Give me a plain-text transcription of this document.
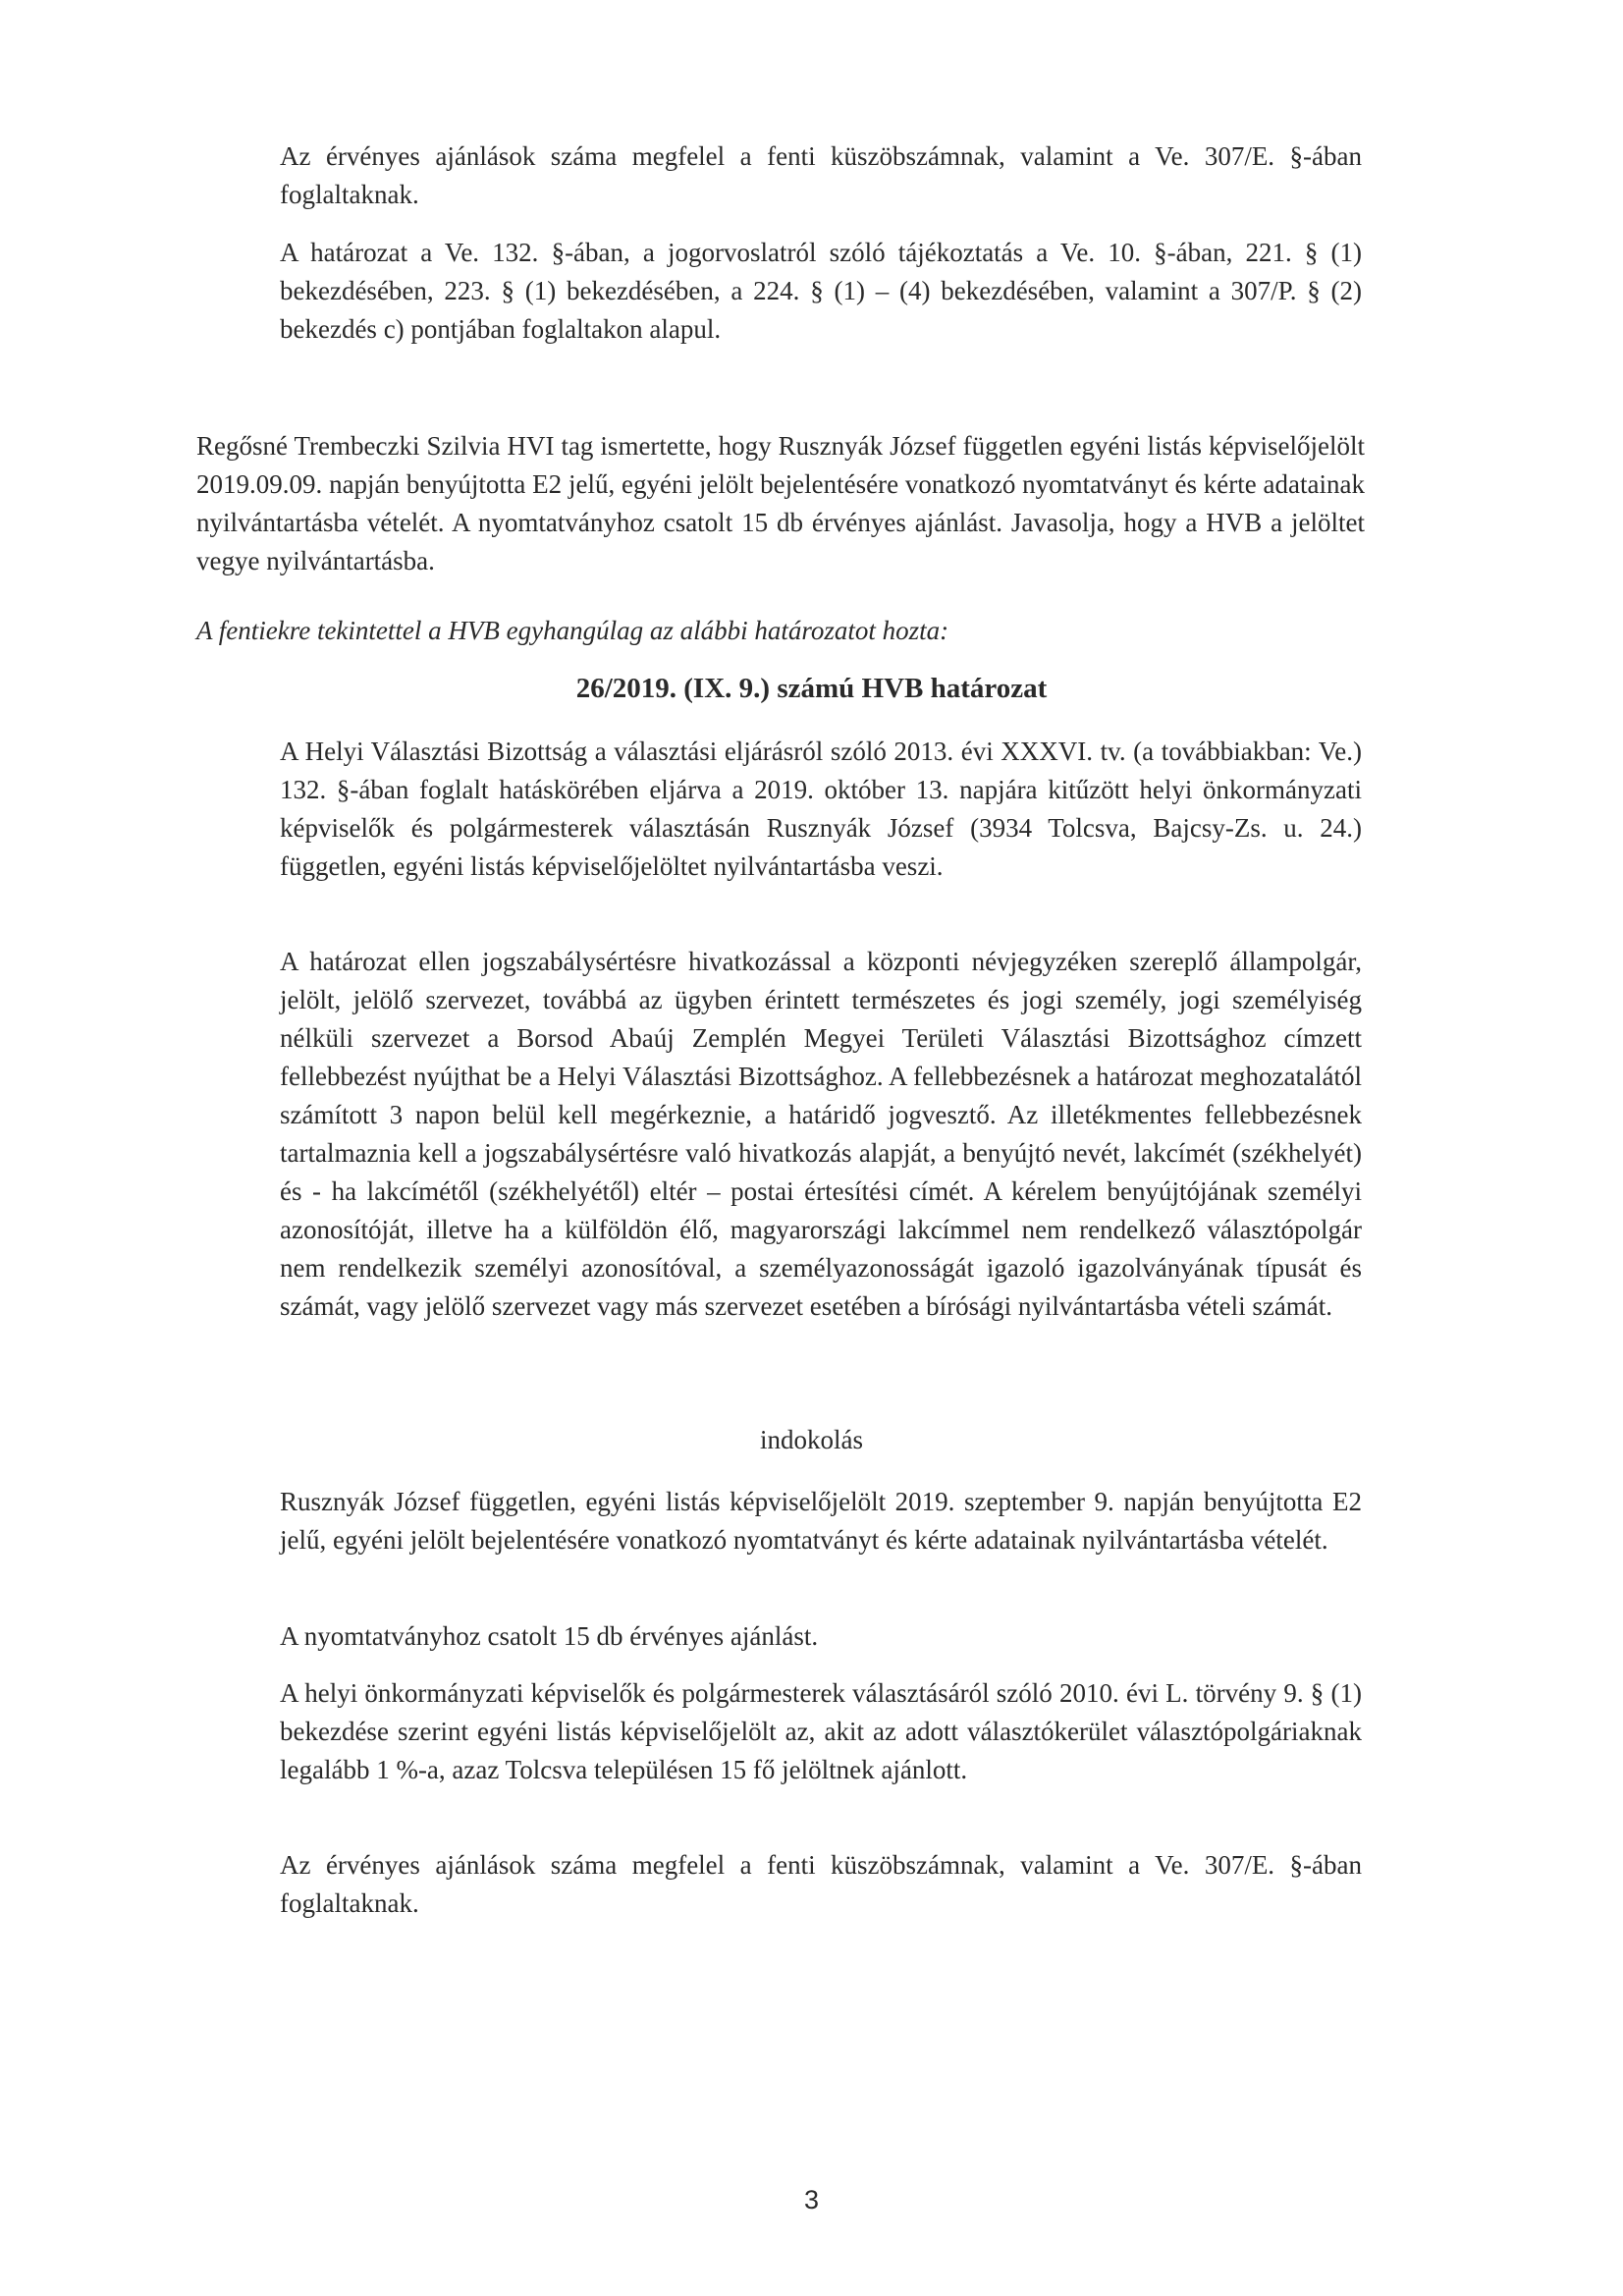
Az érvényes ajánlások száma megfelel a fenti küszöbszámnak, valamint a Ve. 307/E. §-ában foglaltaknak.

A határozat a Ve. 132. §-ában, a jogorvoslatról szóló tájékoztatás a Ve. 10. §-ában, 221. § (1) bekezdésében, 223. § (1) bekezdésében, a 224. § (1) – (4) bekezdésében, valamint a 307/P. § (2) bekezdés c) pontjában foglaltakon alapul.

Regősné Trembeczki Szilvia HVI tag ismertette, hogy Rusznyák József független egyéni listás képviselőjelölt 2019.09.09. napján benyújtotta E2 jelű, egyéni jelölt bejelentésére vonatkozó nyomtatványt és kérte adatainak nyilvántartásba vételét. A nyomtatványhoz csatolt 15 db érvényes ajánlást. Javasolja, hogy a HVB a jelöltet vegye nyilvántartásba.

A fentiekre tekintettel a HVB egyhangúlag az alábbi határozatot hozta:
26/2019. (IX. 9.) számú HVB határozat

A Helyi Választási Bizottság a választási eljárásról szóló 2013. évi XXXVI. tv. (a továbbiakban: Ve.) 132. §-ában foglalt hatáskörében eljárva a 2019. október 13. napjára kitűzött helyi önkormányzati képviselők és polgármesterek választásán Rusznyák József (3934 Tolcsva, Bajcsy-Zs. u. 24.) független, egyéni listás képviselőjelöltet nyilvántartásba veszi.

A határozat ellen jogszabálysértésre hivatkozással a központi névjegyzéken szereplő állampolgár, jelölt, jelölő szervezet, továbbá az ügyben érintett természetes és jogi személy, jogi személyiség nélküli szervezet a Borsod Abaúj Zemplén Megyei Területi Választási Bizottsághoz címzett fellebbezést nyújthat be a Helyi Választási Bizottsághoz. A fellebbezésnek a határozat meghozatalától számított 3 napon belül kell megérkeznie, a határidő jogvesztő. Az illetékmentes fellebbezésnek tartalmaznia kell a jogszabálysértésre való hivatkozás alapját, a benyújtó nevét, lakcímét (székhelyét) és - ha lakcímétől (székhelyétől) eltér – postai értesítési címét. A kérelem benyújtójának személyi azonosítóját, illetve ha a külföldön élő, magyarországi lakcímmel nem rendelkező választópolgár nem rendelkezik személyi azonosítóval, a személyazonosságát igazoló igazolványának típusát és számát, vagy jelölő szervezet vagy más szervezet esetében a bírósági nyilvántartásba vételi számát.

indokolás

Rusznyák József független, egyéni listás képviselőjelölt 2019. szeptember 9. napján benyújtotta E2 jelű, egyéni jelölt bejelentésére vonatkozó nyomtatványt és kérte adatainak nyilvántartásba vételét.

A nyomtatványhoz csatolt 15 db érvényes ajánlást.

A helyi önkormányzati képviselők és polgármesterek választásáról szóló 2010. évi L. törvény 9. § (1) bekezdése szerint egyéni listás képviselőjelölt az, akit az adott választókerület választópolgáriaknak legalább 1 %-a, azaz Tolcsva településen 15 fő jelöltnek ajánlott.

Az érvényes ajánlások száma megfelel a fenti küszöbszámnak, valamint a Ve. 307/E. §-ában foglaltaknak.

3
